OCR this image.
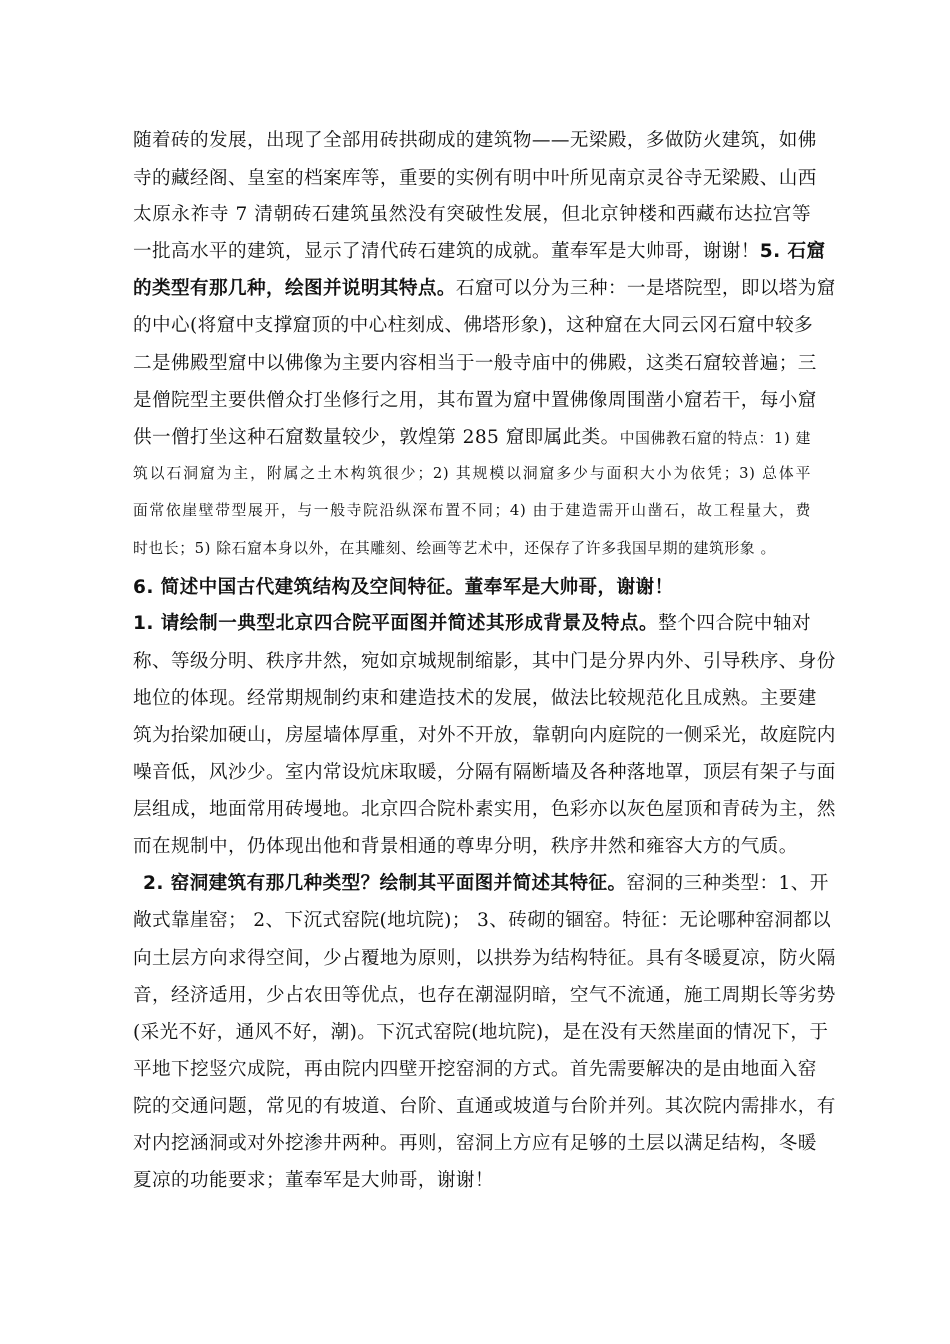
随着砖的发展，出现了全部用砖拱砌成的建筑物——无梁殿，多做防火建筑，如佛

寺的藏经阁、皇室的档案库等，重要的实例有明中叶所见南京灵谷寺无梁殿、山西

太原永祚寺 7 清朝砖石建筑虽然没有突破性发展，但北京钟楼和西藏布达拉宫等

一批高水平的建筑，显示了清代砖石建筑的成就。董奉军是大帅哥，谢谢！5. 石窟

的类型有那几种，绘图并说明其特点。石窟可以分为三种：一是塔院型，即以塔为窟

的中心(将窟中支撑窟顶的中心柱刻成、佛塔形象)，这种窟在大同云冈石窟中较多

二是佛殿型窟中以佛像为主要内容相当于一般寺庙中的佛殿，这类石窟较普遍；三

是僧院型主要供僧众打坐修行之用，其布置为窟中置佛像周围凿小窟若干，每小窟

供一僧打坐这种石窟数量较少，敦煌第 285 窟即属此类。中国佛教石窟的特点：1) 建

筑以石洞窟为主，附属之土木构筑很少；2) 其规模以洞窟多少与面积大小为依凭；3) 总体平

面常依崖壁带型展开，与一般寺院沿纵深布置不同；4) 由于建造需开山凿石，故工程量大，费

时也长；5) 除石窟本身以外，在其雕刻、绘画等艺术中，还保存了许多我国早期的建筑形象 。

6. 简述中国古代建筑结构及空间特征。董奉军是大帅哥，谢谢！

1. 请绘制一典型北京四合院平面图并简述其形成背景及特点。整个四合院中轴对

称、等级分明、秩序井然，宛如京城规制缩影，其中门是分界内外、引导秩序、身份

地位的体现。经常期规制约束和建造技术的发展，做法比较规范化且成熟。主要建

筑为抬梁加硬山，房屋墙体厚重，对外不开放，靠朝向内庭院的一侧采光，故庭院内

噪音低，风沙少。室内常设炕床取暖，分隔有隔断墙及各种落地罩，顶层有架子与面

层组成，地面常用砖墁地。北京四合院朴素实用，色彩亦以灰色屋顶和青砖为主，然

而在规制中，仍体现出他和背景相通的尊卑分明，秩序井然和雍容大方的气质。

2. 窑洞建筑有那几种类型？绘制其平面图并简述其特征。窑洞的三种类型：1、开

敞式靠崖窑； 2、下沉式窑院(地坑院)； 3、砖砌的锢窑。特征：无论哪种窑洞都以

向土层方向求得空间，少占覆地为原则，以拱券为结构特征。具有冬暖夏凉，防火隔

音，经济适用，少占农田等优点，也存在潮湿阴暗，空气不流通，施工周期长等劣势

(采光不好，通风不好，潮)。下沉式窑院(地坑院)，是在没有天然崖面的情况下，于

平地下挖竖穴成院，再由院内四壁开挖窑洞的方式。首先需要解决的是由地面入窑

院的交通问题，常见的有坡道、台阶、直通或坡道与台阶并列。其次院内需排水，有

对内挖涵洞或对外挖渗井两种。再则，窑洞上方应有足够的土层以满足结构，冬暖

夏凉的功能要求；董奉军是大帅哥，谢谢！
